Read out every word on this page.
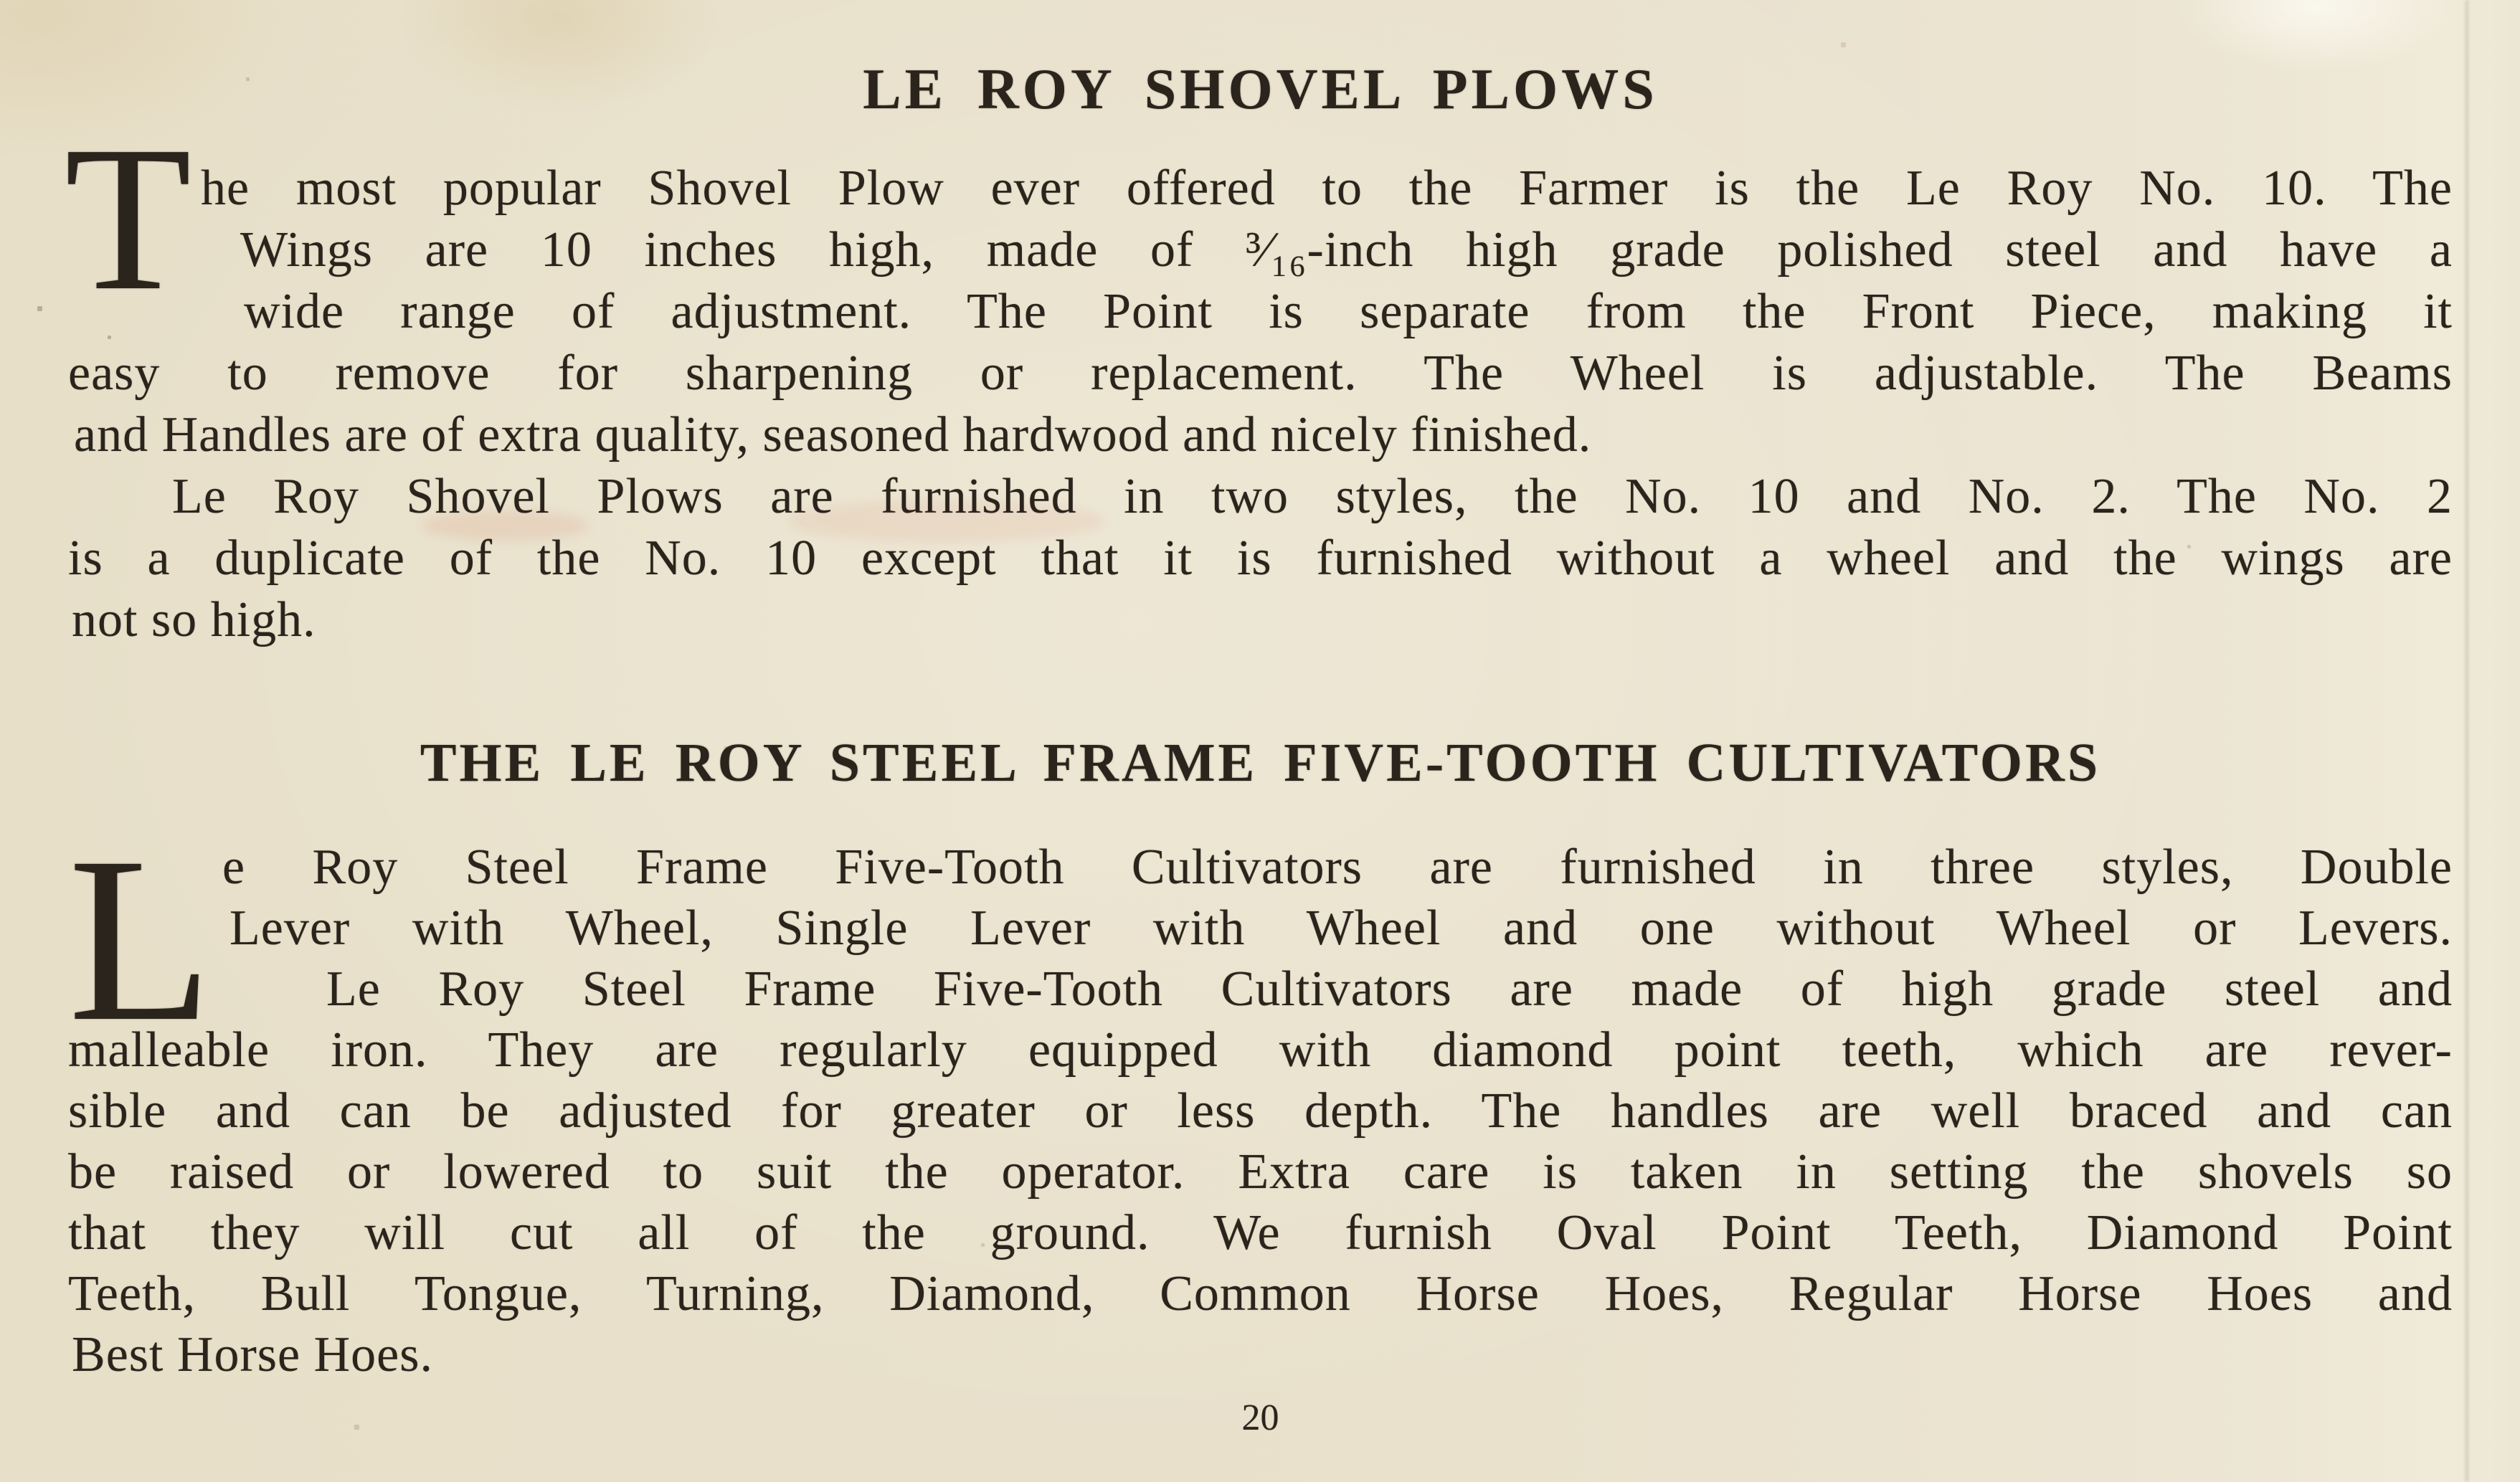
T
L
LE ROY SHOVEL PLOWS
he most popular Shovel Plow ever offered to the Farmer is the Le Roy No. 10. The
Wings are 10 inches high, made of ³⁄₁₆-inch high grade polished steel and have a
wide range of adjustment. The Point is separate from the Front Piece, making it
easy to remove for sharpening or replacement. The Wheel is adjustable. The Beams
and Handles are of extra quality, seasoned hardwood and nicely finished.
Le Roy Shovel Plows are furnished in two styles, the No. 10 and No. 2. The No. 2
is a duplicate of the No. 10 except that it is furnished without a wheel and the wings are
not so high.
THE LE ROY STEEL FRAME FIVE-TOOTH CULTIVATORS
e Roy Steel Frame Five-Tooth Cultivators are furnished in three styles, Double
Lever with Wheel, Single Lever with Wheel and one without Wheel or Levers.
Le Roy Steel Frame Five-Tooth Cultivators are made of high grade steel and
malleable iron. They are regularly equipped with diamond point teeth, which are rever-
sible and can be adjusted for greater or less depth. The handles are well braced and can
be raised or lowered to suit the operator. Extra care is taken in setting the shovels so
that they will cut all of the ground. We furnish Oval Point Teeth, Diamond Point
Teeth, Bull Tongue, Turning, Diamond, Common Horse Hoes, Regular Horse Hoes and
Best Horse Hoes.
20
